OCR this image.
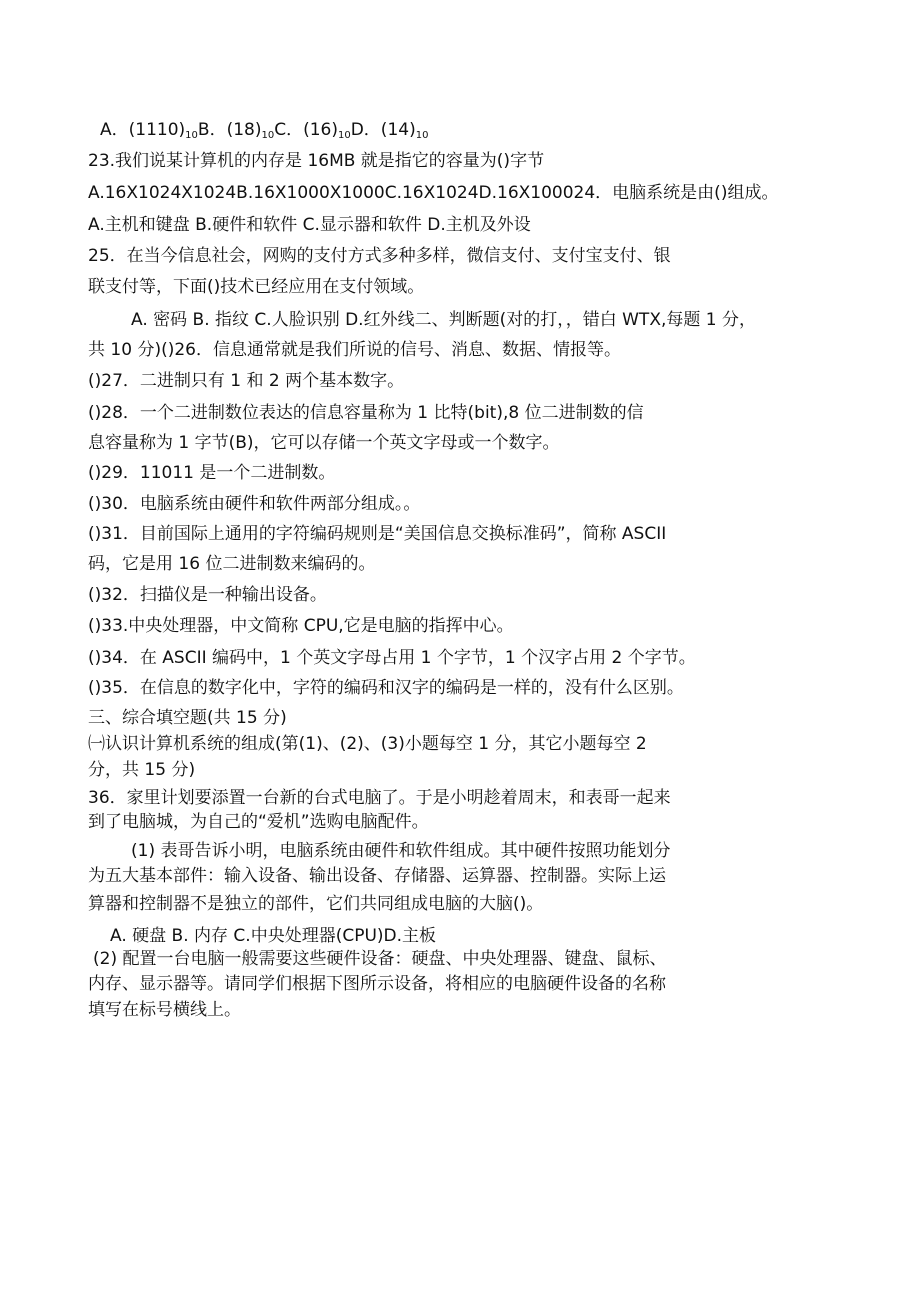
A．$(1110)_{10}B$．$(18)_{10}C$．$(16)_{10}D$．$(14)_{10}$
23.我们说某计算机的内存是 16MB 就是指它的容量为()字节
A.16X1024X1024B.16X1000X1000C.16X1024D.16X100024．电脑系统是由()组成。
A.主机和键盘 B.硬件和软件 C.显示器和软件 D.主机及外设
25．在当今信息社会，网购的支付方式多种多样，微信支付、支付宝支付、银
联支付等，下面()技术已经应用在支付领域。
A. 密码 B. 指纹 C.人脸识别 D.红外线二、判断题(对的打，，错白 WTX,每题 1 分，
共 10 分)()26．信息通常就是我们所说的信号、消息、数据、情报等。
()27．二进制只有 1 和 2 两个基本数字。
()28．一个二进制数位表达的信息容量称为 1 比特(bit),8 位二进制数的信
息容量称为 1 字节(B)，它可以存储一个英文字母或一个数字。
()29．11011 是一个二进制数。
()30．电脑系统由硬件和软件两部分组成。。
()31．目前国际上通用的字符编码规则是“美国信息交换标准码”，简称 ASCII
码，它是用 16 位二进制数来编码的。
()32．扫描仪是一种输出设备。
()33.中央处理器，中文简称 CPU,它是电脑的指挥中心。
()34．在 ASCII 编码中，1 个英文字母占用 1 个字节，1 个汉字占用 2 个字节。
()35．在信息的数字化中，字符的编码和汉字的编码是一样的，没有什么区别。
三、综合填空题(共 15 分)
㈠认识计算机系统的组成(第(1)、(2)、(3)小题每空 1 分，其它小题每空 2
分，共 15 分)
36．家里计划要添置一台新的台式电脑了。于是小明趁着周末，和表哥一起来
到了电脑城，为自己的“爱机”选购电脑配件。
(1) 表哥告诉小明，电脑系统由硬件和软件组成。其中硬件按照功能划分
为五大基本部件：输入设备、输出设备、存储器、运算器、控制器。实际上运
算器和控制器不是独立的部件，它们共同组成电脑的大脑()。
A. 硬盘 B. 内存 C.中央处理器(CPU)D.主板
(2) 配置一台电脑一般需要这些硬件设备：硬盘、中央处理器、键盘、鼠标、
内存、显示器等。请同学们根据下图所示设备，将相应的电脑硬件设备的名称
填写在标号横线上。
